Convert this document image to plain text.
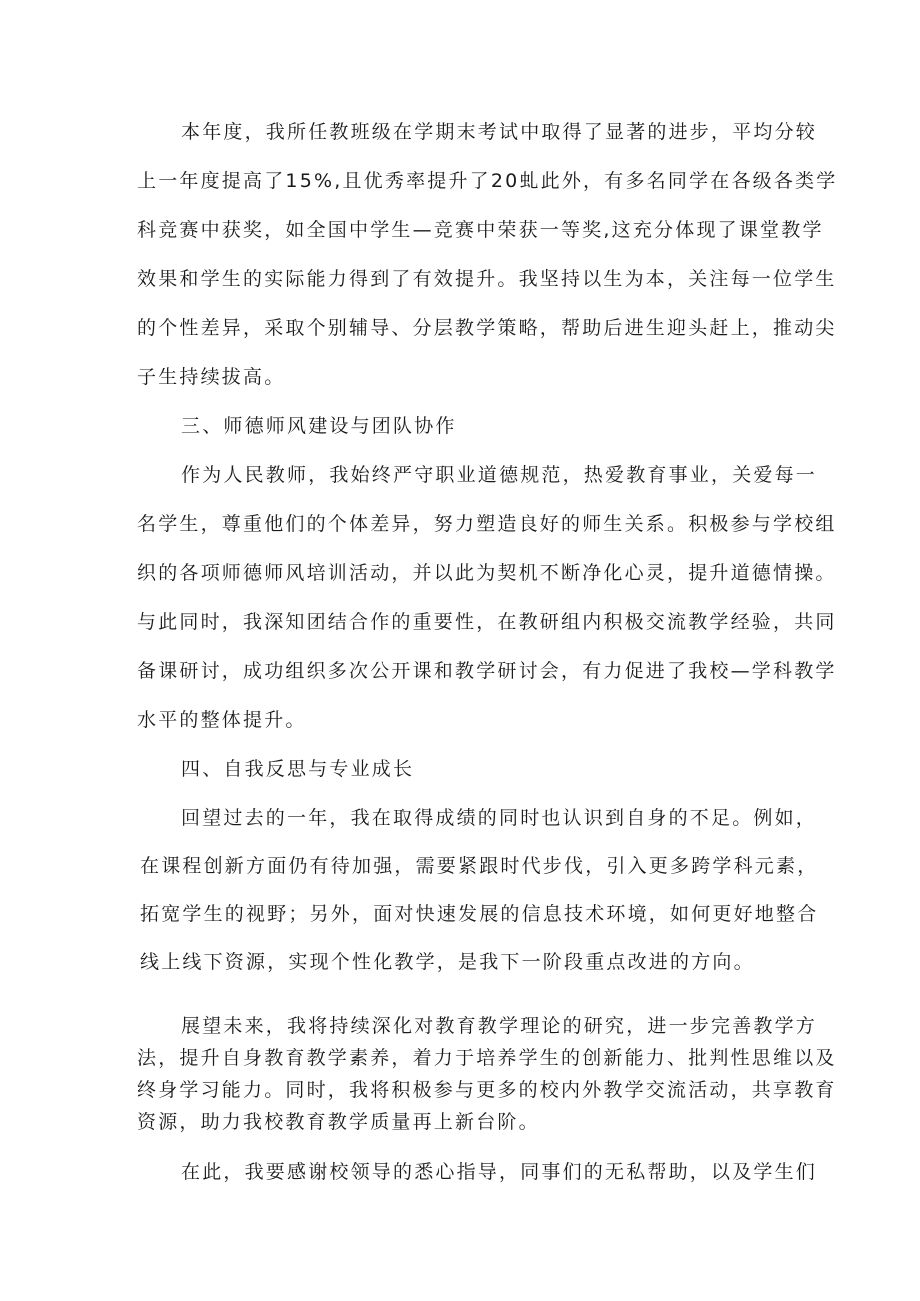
本年度，我所任教班级在学期末考试中取得了显著的进步，平均分较
上一年度提高了15%,且优秀率提升了20虬此外，有多名同学在各级各类学
科竞赛中获奖，如全国中学生—竞赛中荣获一等奖,这充分体现了课堂教学
效果和学生的实际能力得到了有效提升。我坚持以生为本，关注每一位学生
的个性差异，采取个别辅导、分层教学策略，帮助后进生迎头赶上，推动尖
子生持续拔高。
三、师德师风建设与团队协作
作为人民教师，我始终严守职业道德规范，热爱教育事业，关爱每一
名学生，尊重他们的个体差异，努力塑造良好的师生关系。积极参与学校组
织的各项师德师风培训活动，并以此为契机不断净化心灵，提升道德情操。
与此同时，我深知团结合作的重要性，在教研组内积极交流教学经验，共同
备课研讨，成功组织多次公开课和教学研讨会，有力促进了我校—学科教学
水平的整体提升。
四、自我反思与专业成长
回望过去的一年，我在取得成绩的同时也认识到自身的不足。例如，
在课程创新方面仍有待加强，需要紧跟时代步伐，引入更多跨学科元素，
拓宽学生的视野；另外，面对快速发展的信息技术环境，如何更好地整合
线上线下资源，实现个性化教学，是我下一阶段重点改进的方向。
展望未来，我将持续深化对教育教学理论的研究，进一步完善教学方
法，提升自身教育教学素养，着力于培养学生的创新能力、批判性思维以及
终身学习能力。同时，我将积极参与更多的校内外教学交流活动，共享教育
资源，助力我校教育教学质量再上新台阶。
在此，我要感谢校领导的悉心指导，同事们的无私帮助，以及学生们
